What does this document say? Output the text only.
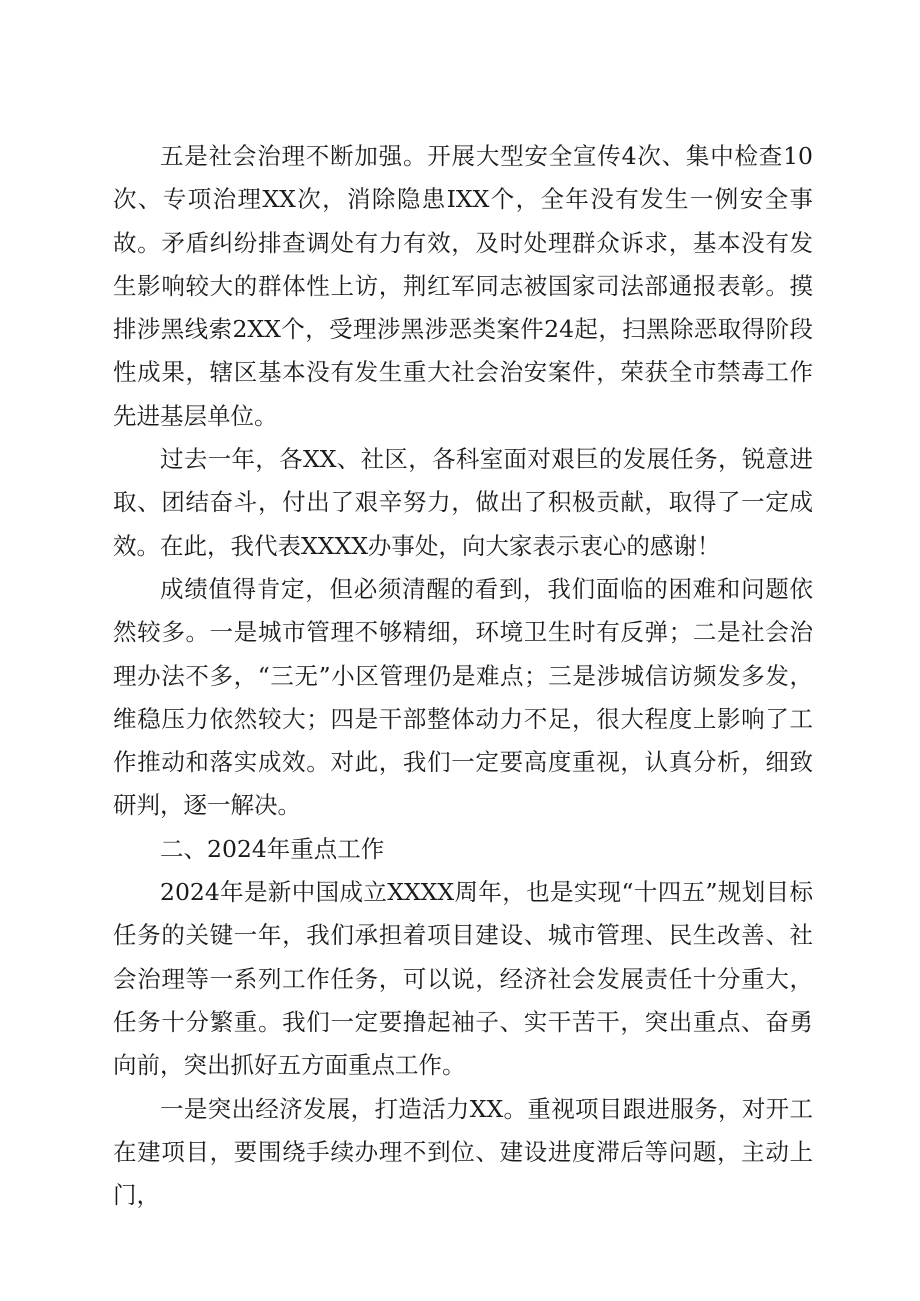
五是社会治理不断加强。开展大型安全宣传4次、集中检查10次、专项治理XX次，消除隐患IXX个，全年没有发生一例安全事故。矛盾纠纷排查调处有力有效，及时处理群众诉求，基本没有发生影响较大的群体性上访，荆红军同志被国家司法部通报表彰。摸排涉黑线索2XX个，受理涉黑涉恶类案件24起，扫黑除恶取得阶段性成果，辖区基本没有发生重大社会治安案件，荣获全市禁毒工作先进基层单位。

过去一年，各XX、社区，各科室面对艰巨的发展任务，锐意进取、团结奋斗，付出了艰辛努力，做出了积极贡献，取得了一定成效。在此，我代表XXXX办事处，向大家表示衷心的感谢！

成绩值得肯定，但必须清醒的看到，我们面临的困难和问题依然较多。一是城市管理不够精细，环境卫生时有反弹；二是社会治理办法不多，“三无”小区管理仍是难点；三是涉城信访频发多发，维稳压力依然较大；四是干部整体动力不足，很大程度上影响了工作推动和落实成效。对此，我们一定要高度重视，认真分析，细致研判，逐一解决。

二、2024年重点工作

2024年是新中国成立XXXX周年，也是实现“十四五”规划目标任务的关键一年，我们承担着项目建设、城市管理、民生改善、社会治理等一系列工作任务，可以说，经济社会发展责任十分重大，任务十分繁重。我们一定要撸起袖子、实干苦干，突出重点、奋勇向前，突出抓好五方面重点工作。

一是突出经济发展，打造活力XX。重视项目跟进服务，对开工在建项目，要围绕手续办理不到位、建设进度滞后等问题，主动上门，
